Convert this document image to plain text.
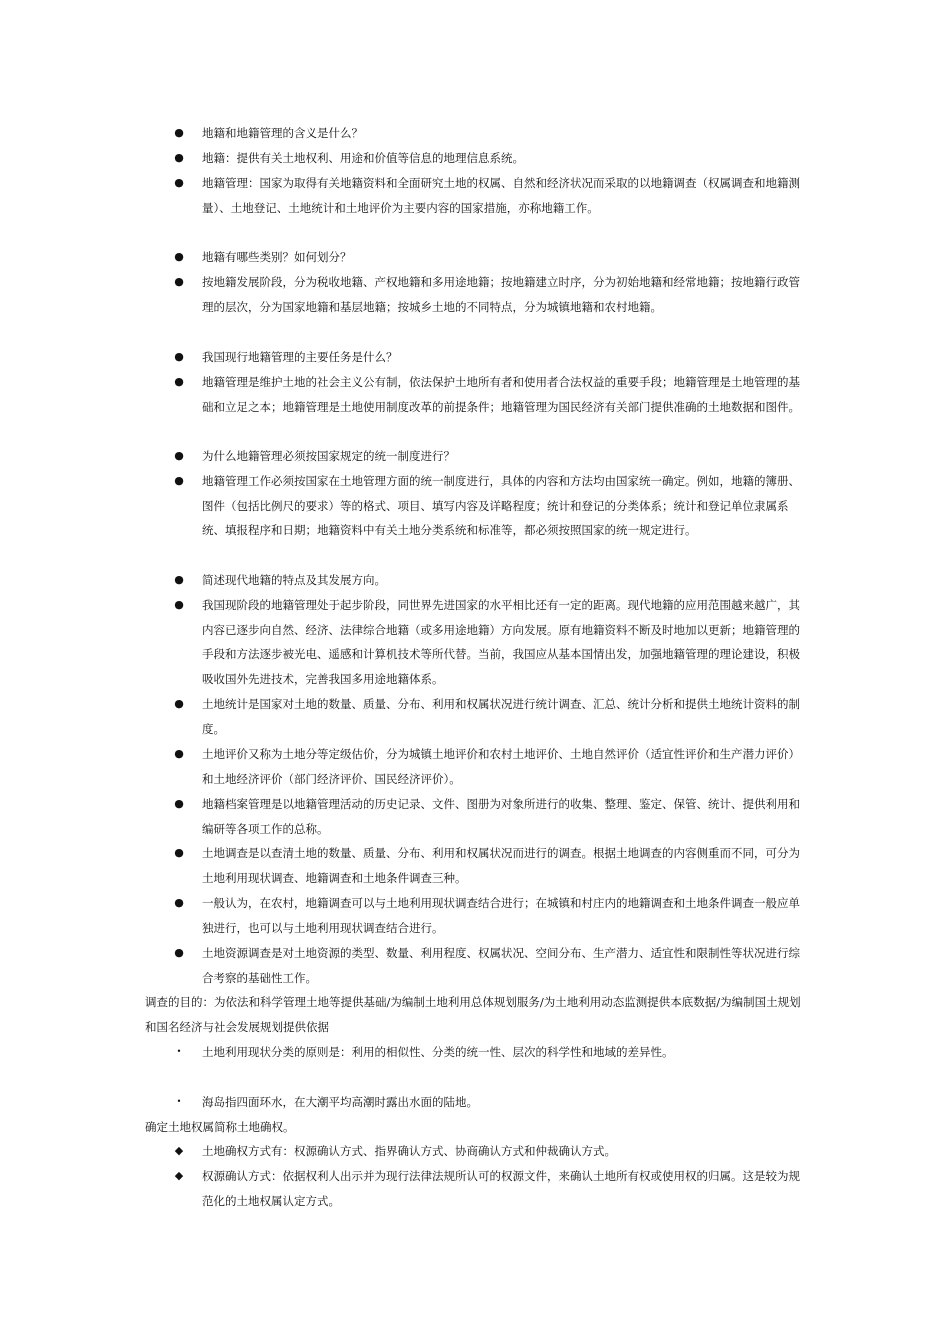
● 地籍和地籍管理的含义是什么？
● 地籍：提供有关土地权利、用途和价值等信息的地理信息系统。
● 地籍管理：国家为取得有关地籍资料和全面研究土地的权属、自然和经济状况而采取的以地籍调查（权属调查和地籍测量）、土地登记、土地统计和土地评价为主要内容的国家措施，亦称地籍工作。
● 地籍有哪些类别？如何划分？
● 按地籍发展阶段，分为税收地籍、产权地籍和多用途地籍；按地籍建立时序，分为初始地籍和经常地籍；按地籍行政管理的层次，分为国家地籍和基层地籍；按城乡土地的不同特点，分为城镇地籍和农村地籍。
● 我国现行地籍管理的主要任务是什么？
● 地籍管理是维护土地的社会主义公有制，依法保护土地所有者和使用者合法权益的重要手段；地籍管理是土地管理的基础和立足之本；地籍管理是土地使用制度改革的前提条件；地籍管理为国民经济有关部门提供准确的土地数据和图件。
● 为什么地籍管理必须按国家规定的统一制度进行？
● 地籍管理工作必须按国家在土地管理方面的统一制度进行，具体的内容和方法均由国家统一确定。例如，地籍的簿册、图件（包括比例尺的要求）等的格式、项目、填写内容及详略程度；统计和登记的分类体系；统计和登记单位隶属系统、填报程序和日期；地籍资料中有关土地分类系统和标准等，都必须按照国家的统一规定进行。
● 简述现代地籍的特点及其发展方向。
● 我国现阶段的地籍管理处于起步阶段，同世界先进国家的水平相比还有一定的距离。现代地籍的应用范围越来越广，其内容已逐步向自然、经济、法律综合地籍（或多用途地籍）方向发展。原有地籍资料不断及时地加以更新；地籍管理的手段和方法逐步被光电、遥感和计算机技术等所代替。当前，我国应从基本国情出发，加强地籍管理的理论建设，积极吸收国外先进技术，完善我国多用途地籍体系。
● 土地统计是国家对土地的数量、质量、分布、利用和权属状况进行统计调查、汇总、统计分析和提供土地统计资料的制度。
● 土地评价又称为土地分等定级估价，分为城镇土地评价和农村土地评价、土地自然评价（适宜性评价和生产潜力评价）和土地经济评价（部门经济评价、国民经济评价）。
● 地籍档案管理是以地籍管理活动的历史记录、文件、图册为对象所进行的收集、整理、鉴定、保管、统计、提供利用和编研等各项工作的总称。
● 土地调查是以查清土地的数量、质量、分布、利用和权属状况而进行的调查。根据土地调查的内容侧重而不同，可分为土地利用现状调查、地籍调查和土地条件调查三种。
● 一般认为，在农村，地籍调查可以与土地利用现状调查结合进行；在城镇和村庄内的地籍调查和土地条件调查一般应单独进行，也可以与土地利用现状调查结合进行。
● 土地资源调查是对土地资源的类型、数量、利用程度、权属状况、空间分布、生产潜力、适宜性和限制性等状况进行综合考察的基础性工作。
调查的目的：为依法和科学管理土地等提供基础/为编制土地利用总体规划服务/为土地利用动态监测提供本底数据/为编制国土规划和国名经济与社会发展规划提供依据
•	土地利用现状分类的原则是：利用的相似性、分类的统一性、层次的科学性和地域的差异性。
•	海岛指四面环水，在大潮平均高潮时露出水面的陆地。
确定土地权属简称土地确权。
◆ 土地确权方式有：权源确认方式、指界确认方式、协商确认方式和仲裁确认方式。
◆ 权源确认方式：依据权利人出示并为现行法律法规所认可的权源文件，来确认土地所有权或使用权的归属。这是较为规范化的土地权属认定方式。
